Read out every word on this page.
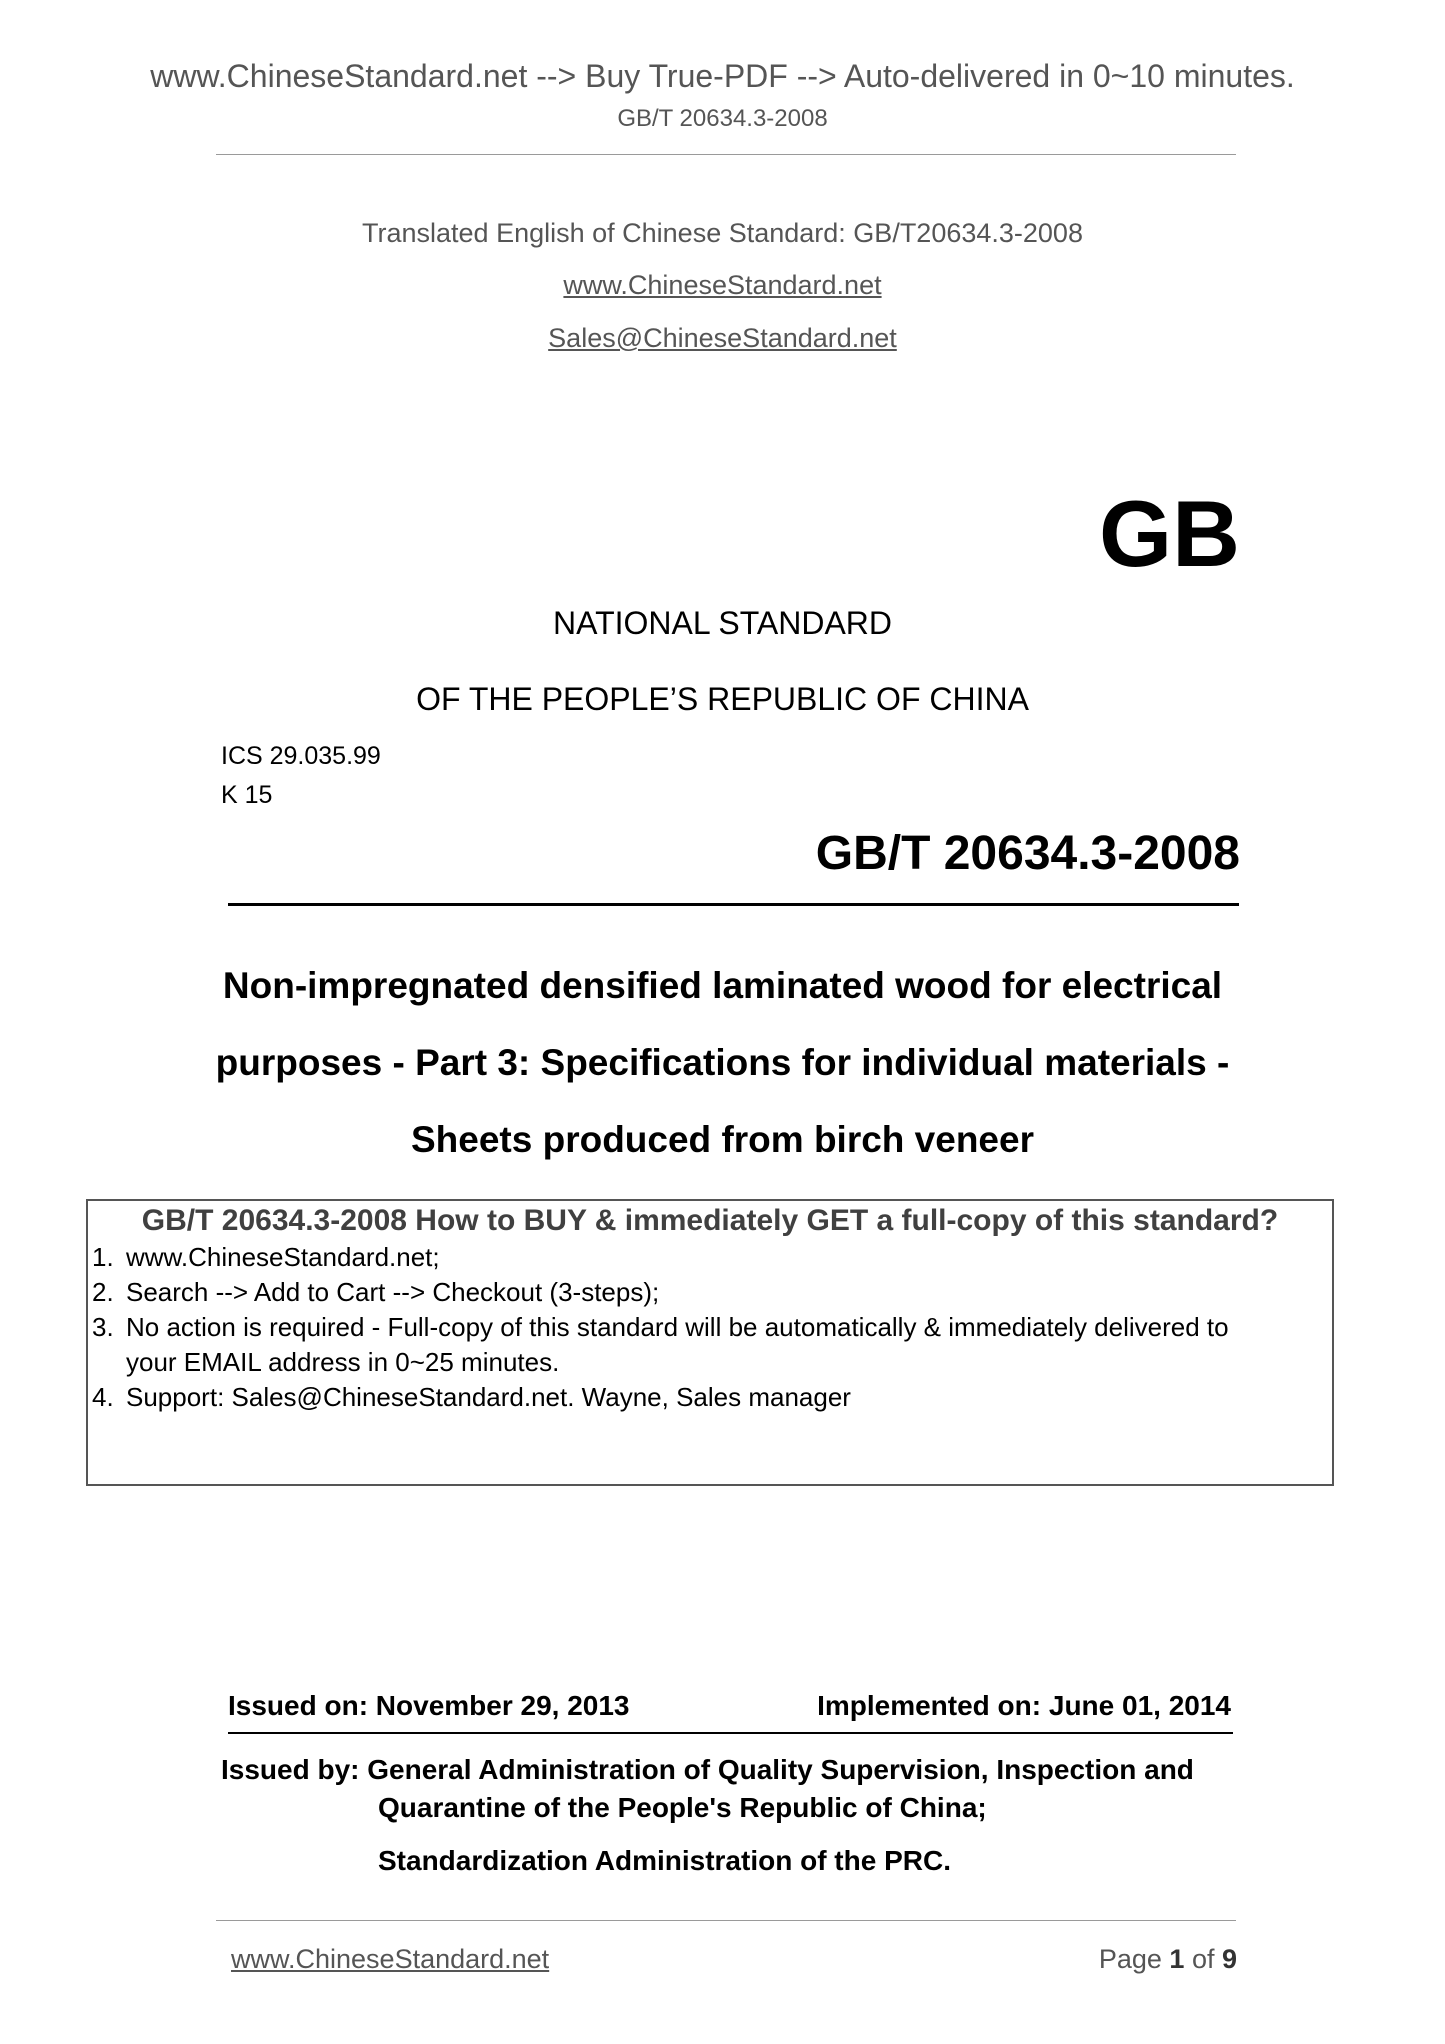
www.ChineseStandard.net --> Buy True-PDF --> Auto-delivered in 0~10 minutes.
GB/T 20634.3-2008
Translated English of Chinese Standard: GB/T20634.3-2008
www.ChineseStandard.net
Sales@ChineseStandard.net
GB
NATIONAL STANDARD
OF THE PEOPLE’S REPUBLIC OF CHINA
ICS 29.035.99
K 15
GB/T 20634.3-2008
Non-impregnated densified laminated wood for electrical
purposes - Part 3: Specifications for individual materials -
Sheets produced from birch veneer
GB/T 20634.3-2008 How to BUY & immediately GET a full-copy of this standard?
1. www.ChineseStandard.net;
2. Search --> Add to Cart --> Checkout (3-steps);
3. No action is required - Full-copy of this standard will be automatically & immediately delivered to
your EMAIL address in 0~25 minutes.
4. Support: Sales@ChineseStandard.net. Wayne, Sales manager
Issued on: November 29, 2013	Implemented on: June 01, 2014
Issued by: General Administration of Quality Supervision, Inspection and
Quarantine of the People's Republic of China;
Standardization Administration of the PRC.
www.ChineseStandard.net	Page 1 of 9
